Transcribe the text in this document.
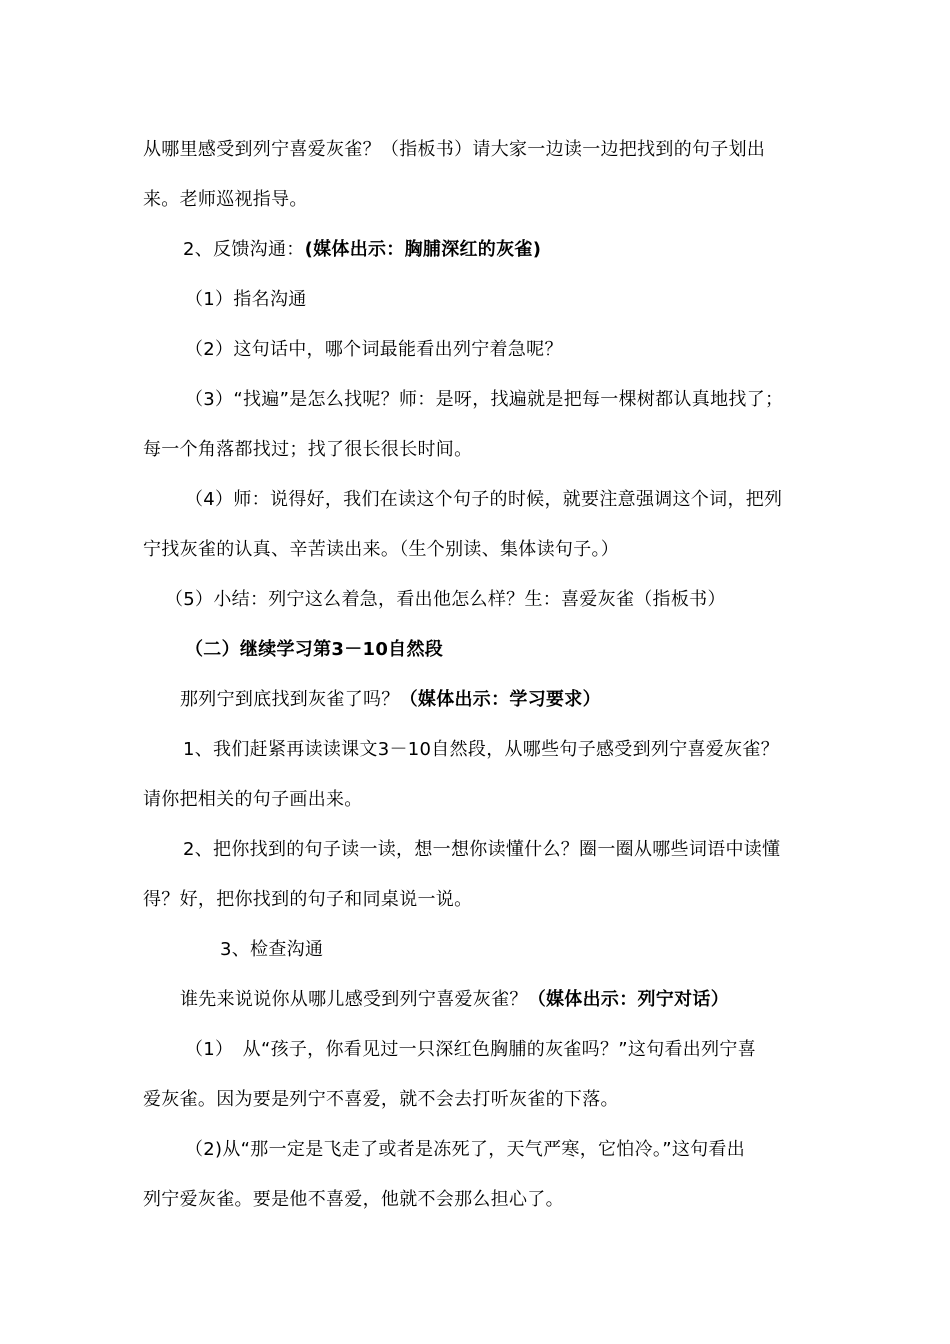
从哪里感受到列宁喜爱灰雀？（指板书）请大家一边读一边把找到的句子划出
来。老师巡视指导。
2、反馈沟通：(媒体出示：胸脯深红的灰雀)
（1）指名沟通
（2）这句话中，哪个词最能看出列宁着急呢？
（3）“找遍”是怎么找呢？师：是呀，找遍就是把每一棵树都认真地找了；
每一个角落都找过；找了很长很长时间。
（4）师：说得好，我们在读这个句子的时候，就要注意强调这个词，把列
宁找灰雀的认真、辛苦读出来。（生个别读、集体读句子。）
（5）小结：列宁这么着急，看出他怎么样？生：喜爱灰雀（指板书）
（二）继续学习第3－10自然段
那列宁到底找到灰雀了吗？（媒体出示：学习要求）
1、我们赶紧再读读课文3－10自然段，从哪些句子感受到列宁喜爱灰雀？
请你把相关的句子画出来。
2、把你找到的句子读一读，想一想你读懂什么？圈一圈从哪些词语中读懂
得？好，把你找到的句子和同桌说一说。
3、检查沟通
谁先来说说你从哪儿感受到列宁喜爱灰雀？（媒体出示：列宁对话）
（1）　从“孩子，你看见过一只深红色胸脯的灰雀吗？”这句看出列宁喜
爱灰雀。因为要是列宁不喜爱，就不会去打听灰雀的下落。
（2)从“那一定是飞走了或者是冻死了，天气严寒，它怕冷。”这句看出
列宁爱灰雀。要是他不喜爱，他就不会那么担心了。
